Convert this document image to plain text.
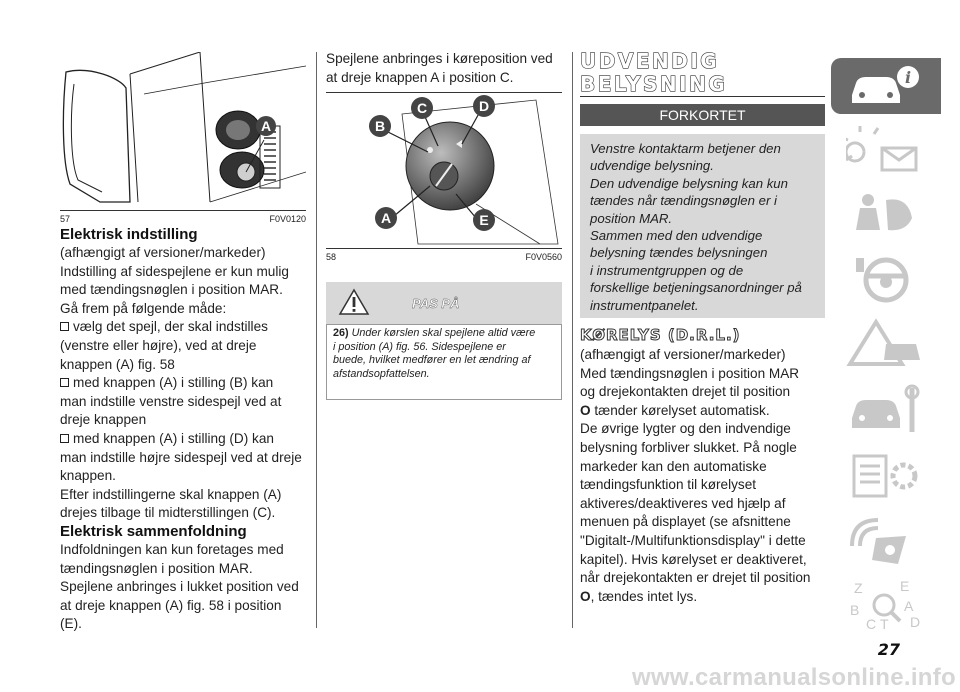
A
57	F0V0120
Elektrisk indstilling
(afhængigt af versioner/markeder)
Indstilling af sidespejlene er kun mulig
med tændingsnøglen i position MAR.
Gå frem på følgende måde:
vælg det spejl, der skal indstilles
(venstre eller højre), ved at dreje
knappen (A) fig. 58
med knappen (A) i stilling (B) kan
man indstille venstre sidespejl ved at
dreje knappen
med knappen (A) i stilling (D) kan
man indstille højre sidespejl ved at dreje
knappen.
Efter indstillingerne skal knappen (A)
drejes tilbage til midterstillingen (C).
Elektrisk sammenfoldning
Indfoldningen kan kun foretages med
tændingsnøglen i position MAR.
Spejlene anbringes i lukket position ved
at dreje knappen (A) fig. 58 i position
(E).
Spejlene anbringes i køreposition ved
at dreje knappen A i position C.
A
B
C	D
E
58	F0V0560
PAS PÅ
26) Under kørslen skal spejlene altid være
i position (A) fig. 56. Sidespejlene er
buede, hvilket medfører en let ændring af
afstandsopfattelsen.
UDVENDIG
BELYSNING
FORKORTET
Venstre kontaktarm betjener den
udvendige belysning.
Den udvendige belysning kan kun
tændes når tændingsnøglen er i
position MAR.
Sammen med den udvendige
belysning tændes belysningen
i instrumentgruppen og de
forskellige betjeningsanordninger på
instrumentpanelet.
KØRELYS (D.R.L.)
(afhængigt af versioner/markeder)
Med tændingsnøglen i position MAR
og drejekontakten drejet til position
O tænder kørelyset automatisk.
De øvrige lygter og den indvendige
belysning forbliver slukket. På nogle
markeder kan den automatiske
tændingsfunktion til kørelyset
aktiveres/deaktiveres ved hjælp af
menuen på displayet (se afsnittene
"Digitalt-/Multifunktionsdisplay" i dette
kapitel). Hvis kørelyset er deaktiveret,
når drejekontakten er drejet til position
O, tændes intet lys.
i
Z	E
B	A
C T D
27
www.carmanualsonline.info
